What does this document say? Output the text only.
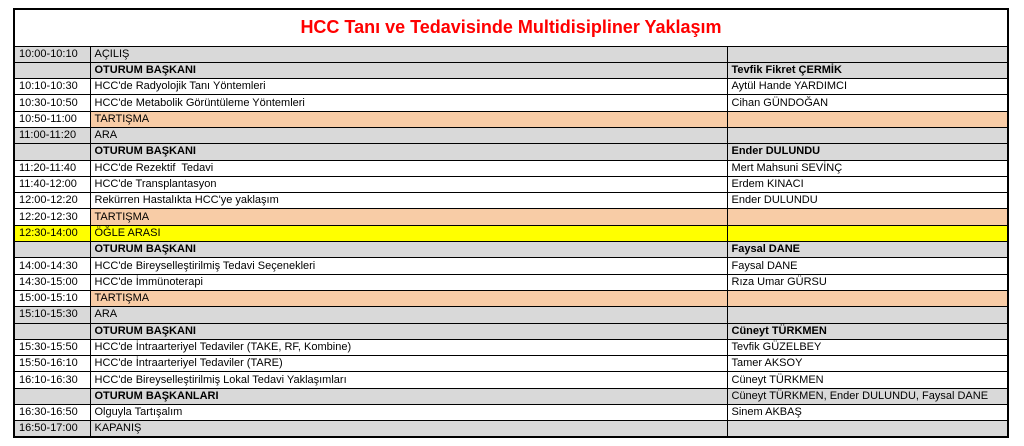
HCC Tanı ve Tedavisinde Multidisipliner Yaklaşım		
10:00-10:10	AÇILIŞ	
	OTURUM BAŞKANI	Tevfik Fikret ÇERMİK
10:10-10:30	HCC'de Radyolojik Tanı Yöntemleri	Aytül Hande YARDIMCI
10:30-10:50	HCC'de Metabolik Görüntüleme Yöntemleri	Cihan GÜNDOĞAN
10:50-11:00	TARTIŞMA	
11:00-11:20	ARA	
	OTURUM BAŞKANI	Ender DULUNDU
11:20-11:40	HCC'de Rezektif  Tedavi	Mert Mahsuni SEVİNÇ
11:40-12:00	HCC'de Transplantasyon	Erdem KINACI
12:00-12:20	Rekürren Hastalıkta HCC'ye yaklaşım	Ender DULUNDU
12:20-12:30	TARTIŞMA	
12:30-14:00	ÖĞLE ARASI	
	OTURUM BAŞKANI	Faysal DANE
14:00-14:30	HCC'de Bireyselleştirilmiş Tedavi Seçenekleri	Faysal DANE
14:30-15:00	HCC'de İmmünoterapi	Rıza Umar GÜRSU
15:00-15:10	TARTIŞMA	
15:10-15:30	ARA	
	OTURUM BAŞKANI	Cüneyt TÜRKMEN
15:30-15:50	HCC'de İntraarteriyel Tedaviler (TAKE, RF, Kombine)	Tevfik GÜZELBEY
15:50-16:10	HCC'de İntraarteriyel Tedaviler (TARE)	Tamer AKSOY
16:10-16:30	HCC'de Bireyselleştirilmiş Lokal Tedavi Yaklaşımları	Cüneyt TÜRKMEN
	OTURUM BAŞKANLARI	Cüneyt TÜRKMEN, Ender DULUNDU, Faysal DANE
16:30-16:50	Olguyla Tartışalım	Sinem AKBAŞ
16:50-17:00	KAPANIŞ	
